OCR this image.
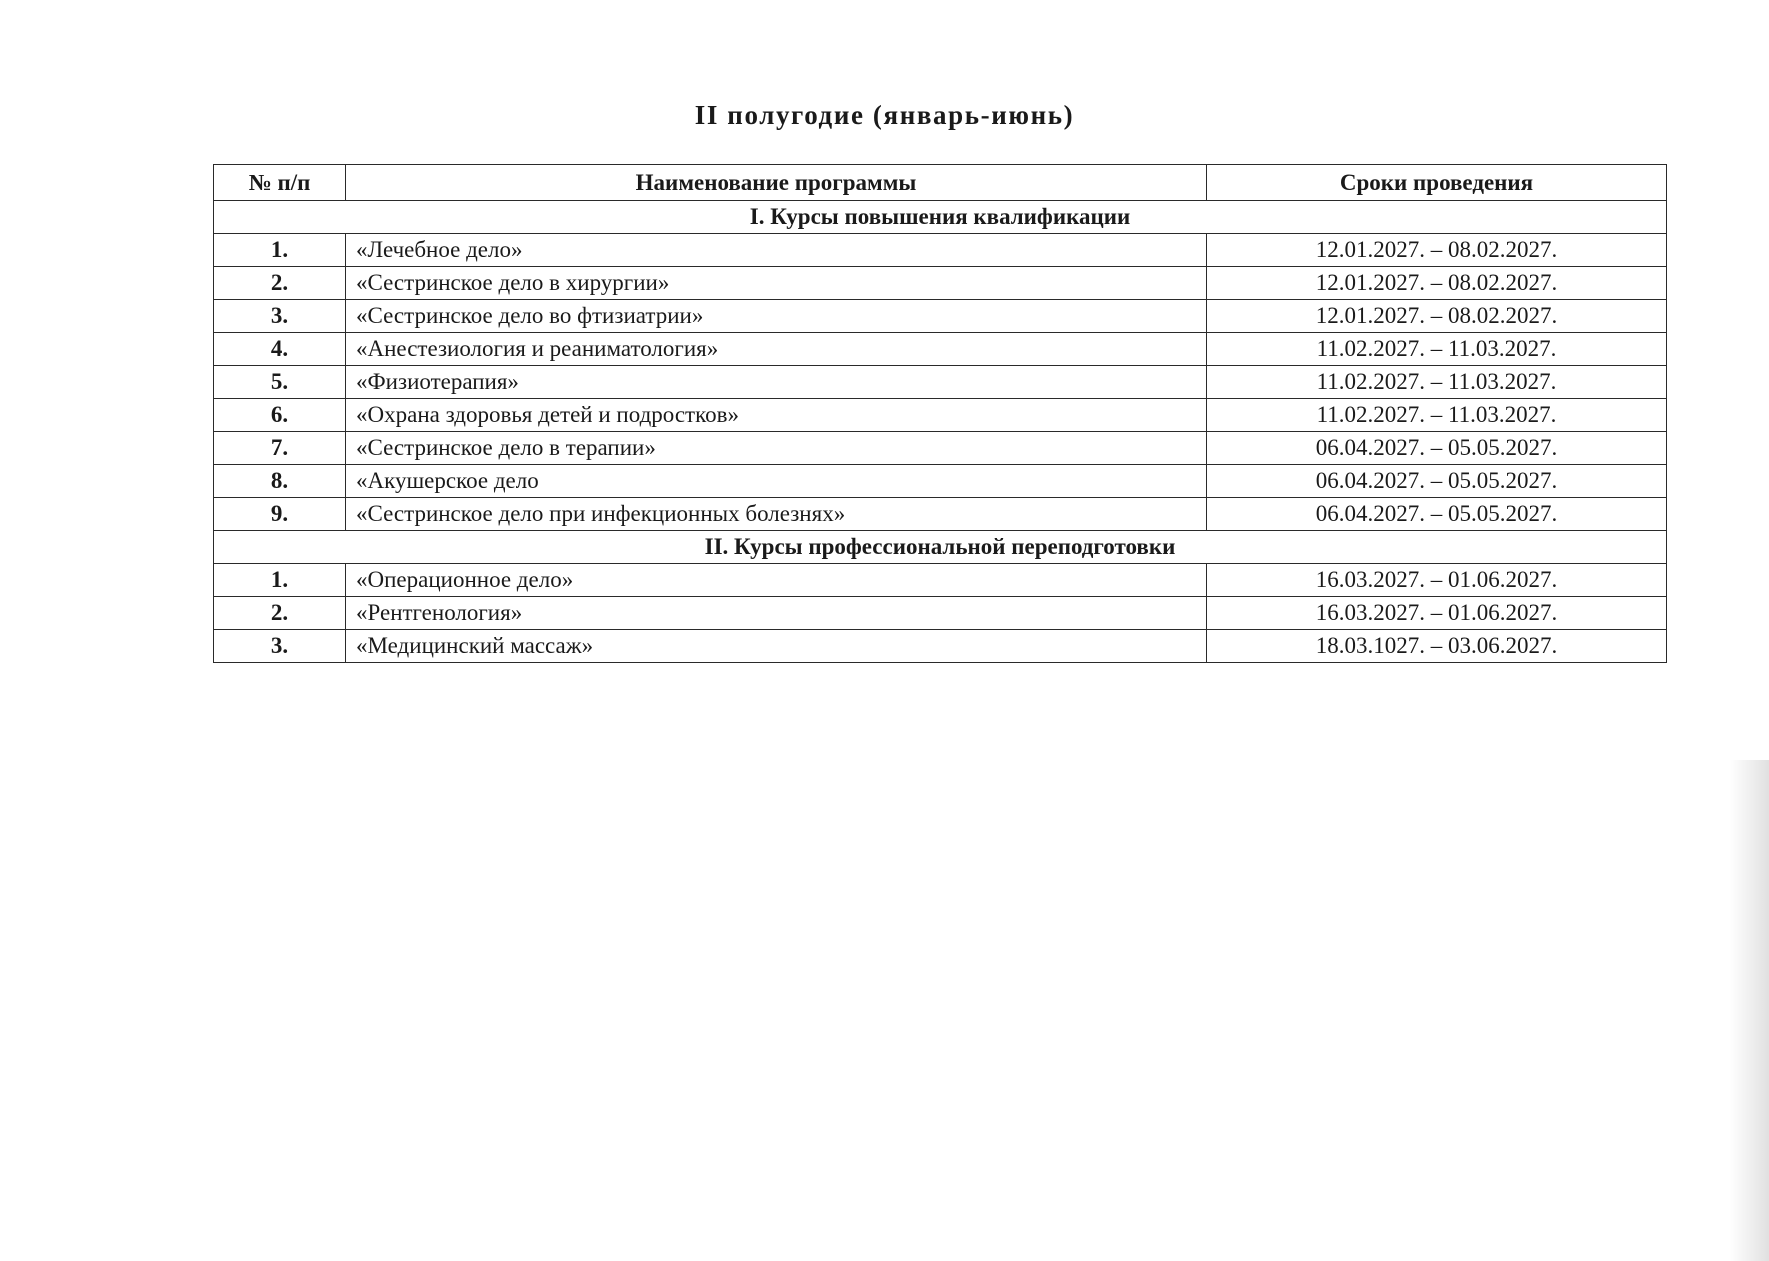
II полугодие (январь-июнь)
№ п/п	Наименование программы	Сроки проведения
I. Курсы повышения квалификации		
1.	«Лечебное дело»	12.01.2027. – 08.02.2027.
2.	«Сестринское дело в хирургии»	12.01.2027. – 08.02.2027.
3.	«Сестринское дело во фтизиатрии»	12.01.2027. – 08.02.2027.
4.	«Анестезиология и реаниматология»	11.02.2027. – 11.03.2027.
5.	«Физиотерапия»	11.02.2027. – 11.03.2027.
6.	«Охрана здоровья детей и подростков»	11.02.2027. – 11.03.2027.
7.	«Сестринское дело в терапии»	06.04.2027. – 05.05.2027.
8.	«Акушерское дело	06.04.2027. – 05.05.2027.
9.	«Сестринское дело при инфекционных болезнях»	06.04.2027. – 05.05.2027.
II. Курсы профессиональной переподготовки		
1.	«Операционное дело»	16.03.2027. – 01.06.2027.
2.	«Рентгенология»	16.03.2027. – 01.06.2027.
3.	«Медицинский массаж»	18.03.1027. – 03.06.2027.
